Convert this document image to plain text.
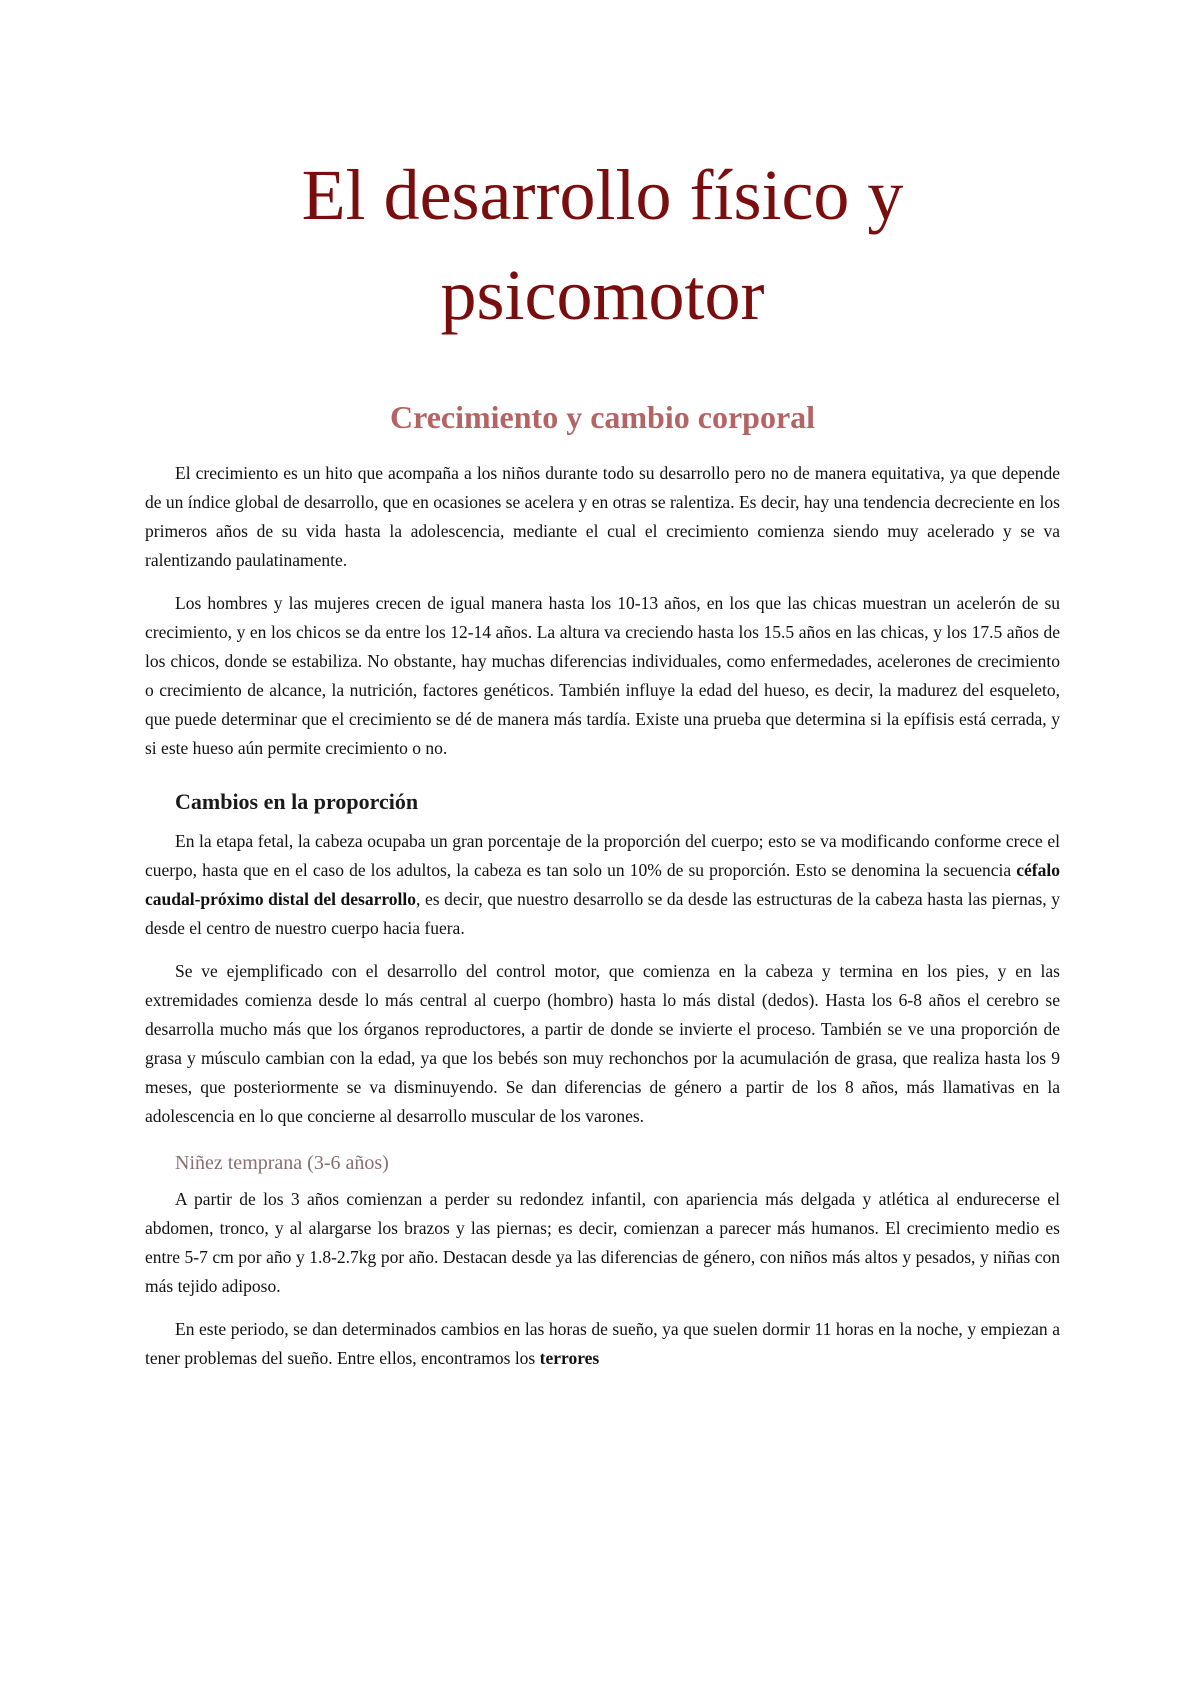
El desarrollo físico y
psicomotor
Crecimiento y cambio corporal

El crecimiento es un hito que acompaña a los niños durante todo su desarrollo pero no de manera equitativa, ya que depende de un índice global de desarrollo, que en ocasiones se acelera y en otras se ralentiza. Es decir, hay una tendencia decreciente en los primeros años de su vida hasta la adolescencia, mediante el cual el crecimiento comienza siendo muy acelerado y se va ralentizando paulatinamente.

Los hombres y las mujeres crecen de igual manera hasta los 10-13 años, en los que las chicas muestran un acelerón de su crecimiento, y en los chicos se da entre los 12-14 años. La altura va creciendo hasta los 15.5 años en las chicas, y los 17.5 años de los chicos, donde se estabiliza. No obstante, hay muchas diferencias individuales, como enfermedades, acelerones de crecimiento o crecimiento de alcance, la nutrición, factores genéticos. También influye la edad del hueso, es decir, la madurez del esqueleto, que puede determinar que el crecimiento se dé de manera más tardía. Existe una prueba que determina si la epífisis está cerrada, y si este hueso aún permite crecimiento o no.

Cambios en la proporción

En la etapa fetal, la cabeza ocupaba un gran porcentaje de la proporción del cuerpo; esto se va modificando conforme crece el cuerpo, hasta que en el caso de los adultos, la cabeza es tan solo un 10% de su proporción. Esto se denomina la secuencia céfalo caudal-próximo distal del desarrollo, es decir, que nuestro desarrollo se da desde las estructuras de la cabeza hasta las piernas, y desde el centro de nuestro cuerpo hacia fuera.

Se ve ejemplificado con el desarrollo del control motor, que comienza en la cabeza y termina en los pies, y en las extremidades comienza desde lo más central al cuerpo (hombro) hasta lo más distal (dedos). Hasta los 6-8 años el cerebro se desarrolla mucho más que los órganos reproductores, a partir de donde se invierte el proceso. También se ve una proporción de grasa y músculo cambian con la edad, ya que los bebés son muy rechonchos por la acumulación de grasa, que realiza hasta los 9 meses, que posteriormente se va disminuyendo. Se dan diferencias de género a partir de los 8 años, más llamativas en la adolescencia en lo que concierne al desarrollo muscular de los varones.

Niñez temprana (3-6 años)

A partir de los 3 años comienzan a perder su redondez infantil, con apariencia más delgada y atlética al endurecerse el abdomen, tronco, y al alargarse los brazos y las piernas; es decir, comienzan a parecer más humanos. El crecimiento medio es entre 5-7 cm por año y 1.8-2.7kg por año. Destacan desde ya las diferencias de género, con niños más altos y pesados, y niñas con más tejido adiposo.

En este periodo, se dan determinados cambios en las horas de sueño, ya que suelen dormir 11 horas en la noche, y empiezan a tener problemas del sueño. Entre ellos, encontramos los terrores
